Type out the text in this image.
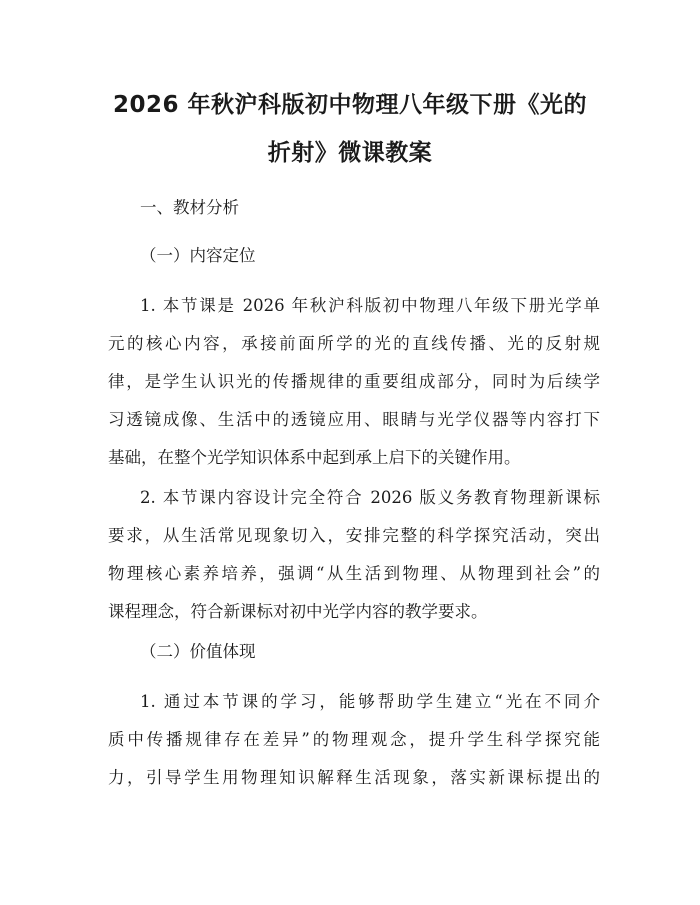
2026 年秋沪科版初中物理八年级下册《光的
折射》微课教案
一、教材分析
（一）内容定位
1. 本节课是 2026 年秋沪科版初中物理八年级下册光学单
元的核心内容，承接前面所学的光的直线传播、光的反射规
律，是学生认识光的传播规律的重要组成部分，同时为后续学
习透镜成像、生活中的透镜应用、眼睛与光学仪器等内容打下
基础，在整个光学知识体系中起到承上启下的关键作用。
2. 本节课内容设计完全符合 2026 版义务教育物理新课标
要求，从生活常见现象切入，安排完整的科学探究活动，突出
物理核心素养培养，强调“从生活到物理、从物理到社会”的
课程理念，符合新课标对初中光学内容的教学要求。
（二）价值体现
1. 通过本节课的学习，能够帮助学生建立“光在不同介
质中传播规律存在差异”的物理观念，提升学生科学探究能
力，引导学生用物理知识解释生活现象，落实新课标提出的
